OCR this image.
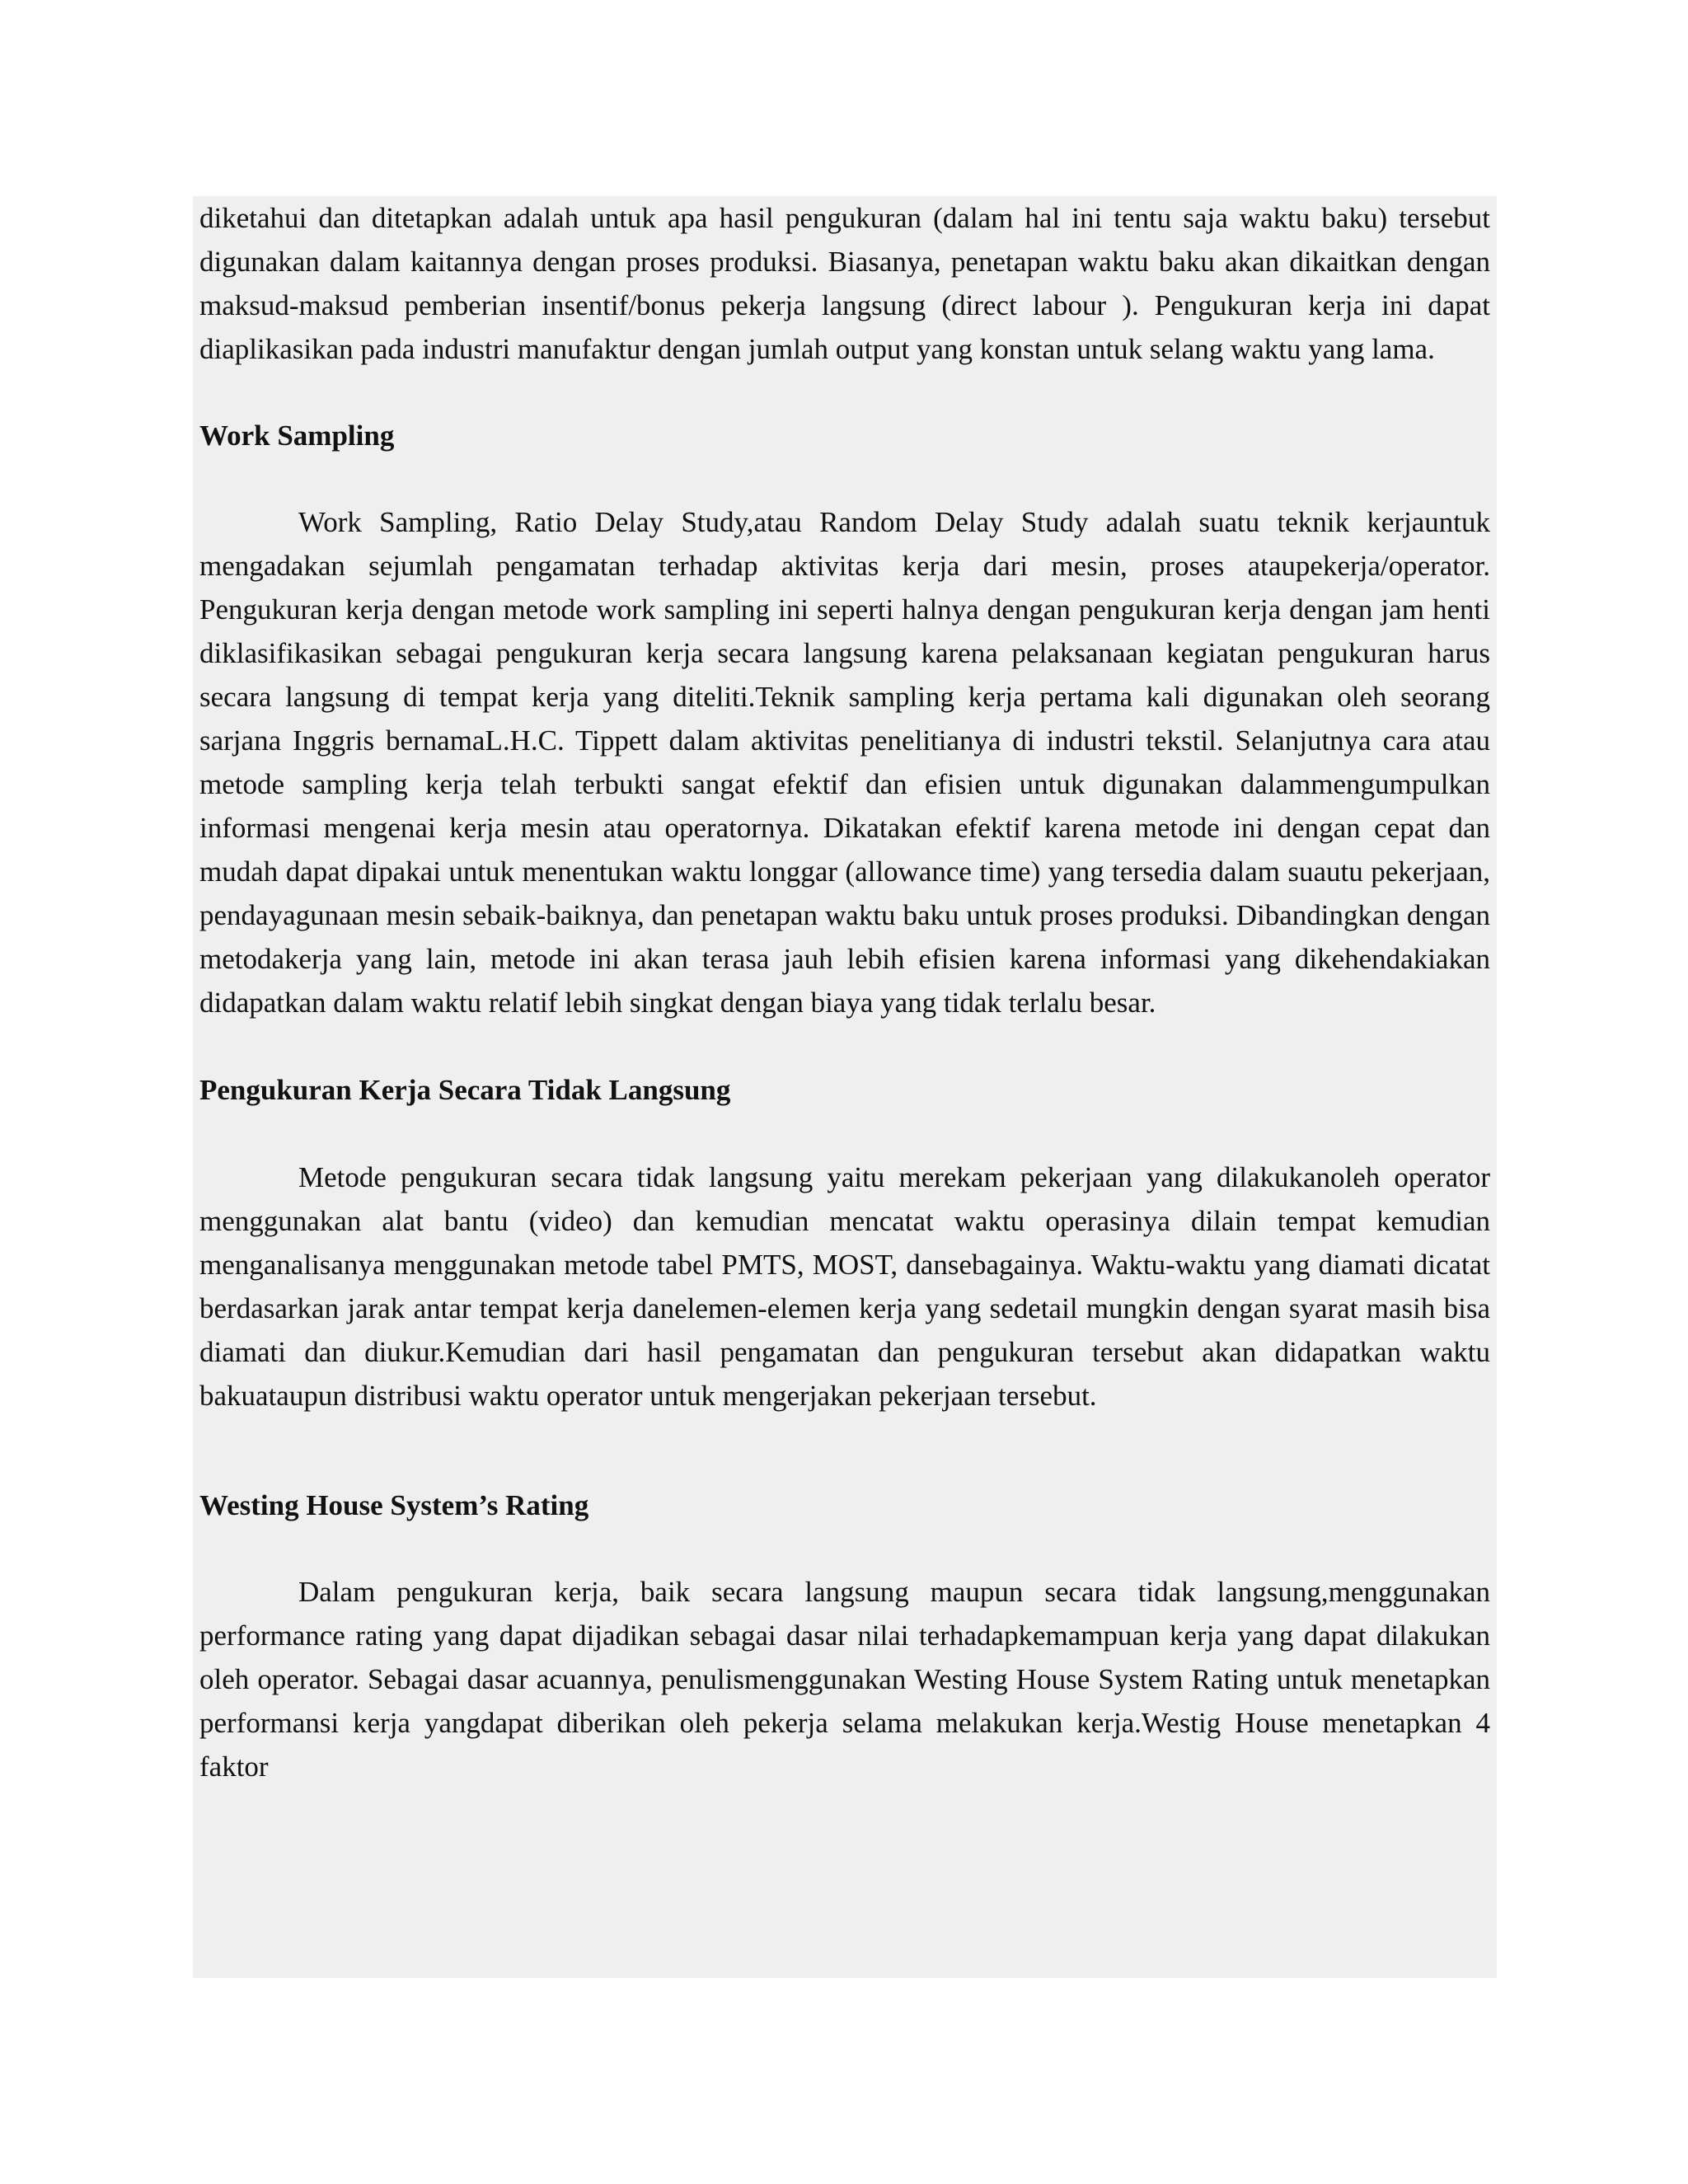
diketahui dan ditetapkan adalah untuk apa hasil pengukuran (dalam hal ini tentu saja waktu baku) tersebut digunakan dalam kaitannya dengan proses produksi. Biasanya, penetapan waktu baku akan dikaitkan dengan maksud-maksud pemberian insentif/bonus pekerja langsung (direct labour ). Pengukuran kerja ini dapat diaplikasikan pada industri manufaktur dengan jumlah output yang konstan untuk selang waktu yang lama.

Work Sampling

Work Sampling, Ratio Delay Study,atau Random Delay Study adalah suatu teknik kerjauntuk mengadakan sejumlah pengamatan terhadap aktivitas kerja dari mesin, proses ataupekerja/operator. Pengukuran kerja dengan metode work sampling ini seperti halnya dengan pengukuran kerja dengan jam henti diklasifikasikan sebagai pengukuran kerja secara langsung karena pelaksanaan kegiatan pengukuran harus secara langsung di tempat kerja yang diteliti.Teknik sampling kerja pertama kali digunakan oleh seorang sarjana Inggris bernamaL.H.C. Tippett dalam aktivitas penelitianya di industri tekstil. Selanjutnya cara atau metode sampling kerja telah terbukti sangat efektif dan efisien untuk digunakan dalammengumpulkan informasi mengenai kerja mesin atau operatornya. Dikatakan efektif karena metode ini dengan cepat dan mudah dapat dipakai untuk menentukan waktu longgar (allowance time) yang tersedia dalam suautu pekerjaan, pendayagunaan mesin sebaik-baiknya, dan penetapan waktu baku untuk proses produksi. Dibandingkan dengan metodakerja yang lain, metode ini akan terasa jauh lebih efisien karena informasi yang dikehendakiakan didapatkan dalam waktu relatif lebih singkat dengan biaya yang tidak terlalu besar.

Pengukuran Kerja Secara Tidak Langsung

Metode pengukuran secara tidak langsung yaitu merekam pekerjaan yang dilakukanoleh operator menggunakan alat bantu (video) dan kemudian mencatat waktu operasinya dilain tempat kemudian menganalisanya menggunakan metode tabel PMTS, MOST, dansebagainya. Waktu-waktu yang diamati dicatat berdasarkan jarak antar tempat kerja danelemen-elemen kerja yang sedetail mungkin dengan syarat masih bisa diamati dan diukur.Kemudian dari hasil pengamatan dan pengukuran tersebut akan didapatkan waktu bakuataupun distribusi waktu operator untuk mengerjakan pekerjaan tersebut.

Westing House System’s Rating

Dalam pengukuran kerja, baik secara langsung maupun secara tidak langsung,menggunakan performance rating yang dapat dijadikan sebagai dasar nilai terhadapkemampuan kerja yang dapat dilakukan oleh operator. Sebagai dasar acuannya, penulismenggunakan Westing House System Rating untuk menetapkan performansi kerja yangdapat diberikan oleh pekerja selama melakukan kerja.Westig House menetapkan 4 faktor
